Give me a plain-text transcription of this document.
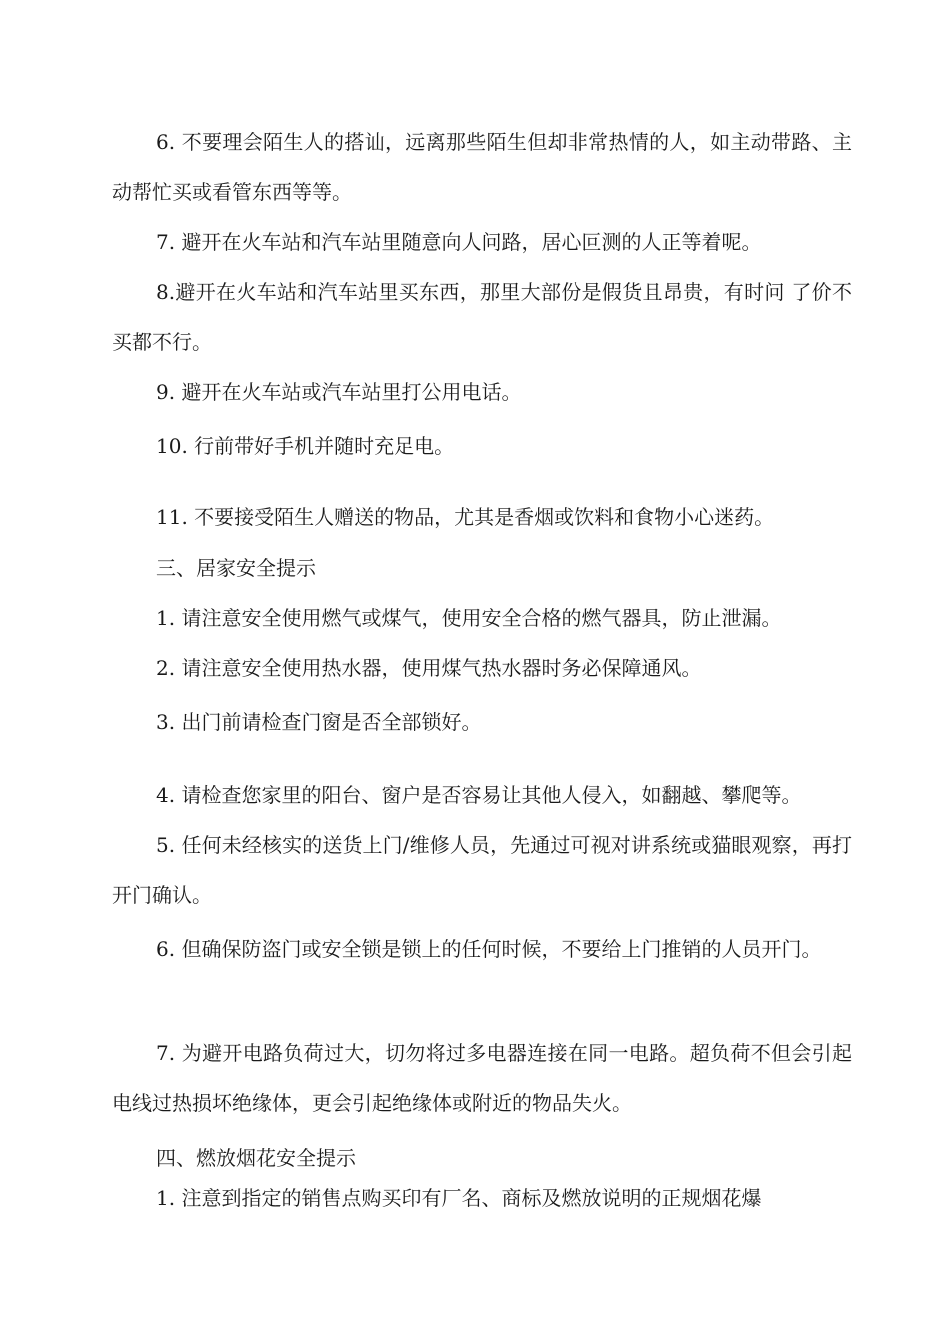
6. 不要理会陌生人的搭讪，远离那些陌生但却非常热情的人，如主动带路、主动帮忙买或看管东西等等。

7. 避开在火车站和汽车站里随意向人问路，居心叵测的人正等着呢。

8.避开在火车站和汽车站里买东西，那里大部份是假货且昂贵，有时问 了价不买都不行。

9. 避开在火车站或汽车站里打公用电话。

10. 行前带好手机并随时充足电。

11. 不要接受陌生人赠送的物品，尤其是香烟或饮料和食物小心迷药。

三、居家安全提示

1. 请注意安全使用燃气或煤气，使用安全合格的燃气器具，防止泄漏。

2. 请注意安全使用热水器，使用煤气热水器时务必保障通风。

3. 出门前请检查门窗是否全部锁好。

4. 请检查您家里的阳台、窗户是否容易让其他人侵入，如翻越、攀爬等。

5. 任何未经核实的送货上门/维修人员，先通过可视对讲系统或猫眼观察，再打开门确认。

6. 但确保防盗门或安全锁是锁上的任何时候，不要给上门推销的人员开门。

7. 为避开电路负荷过大，切勿将过多电器连接在同一电路。超负荷不但会引起电线过热损坏绝缘体，更会引起绝缘体或附近的物品失火。

四、燃放烟花安全提示

1. 注意到指定的销售点购买印有厂名、商标及燃放说明的正规烟花爆
